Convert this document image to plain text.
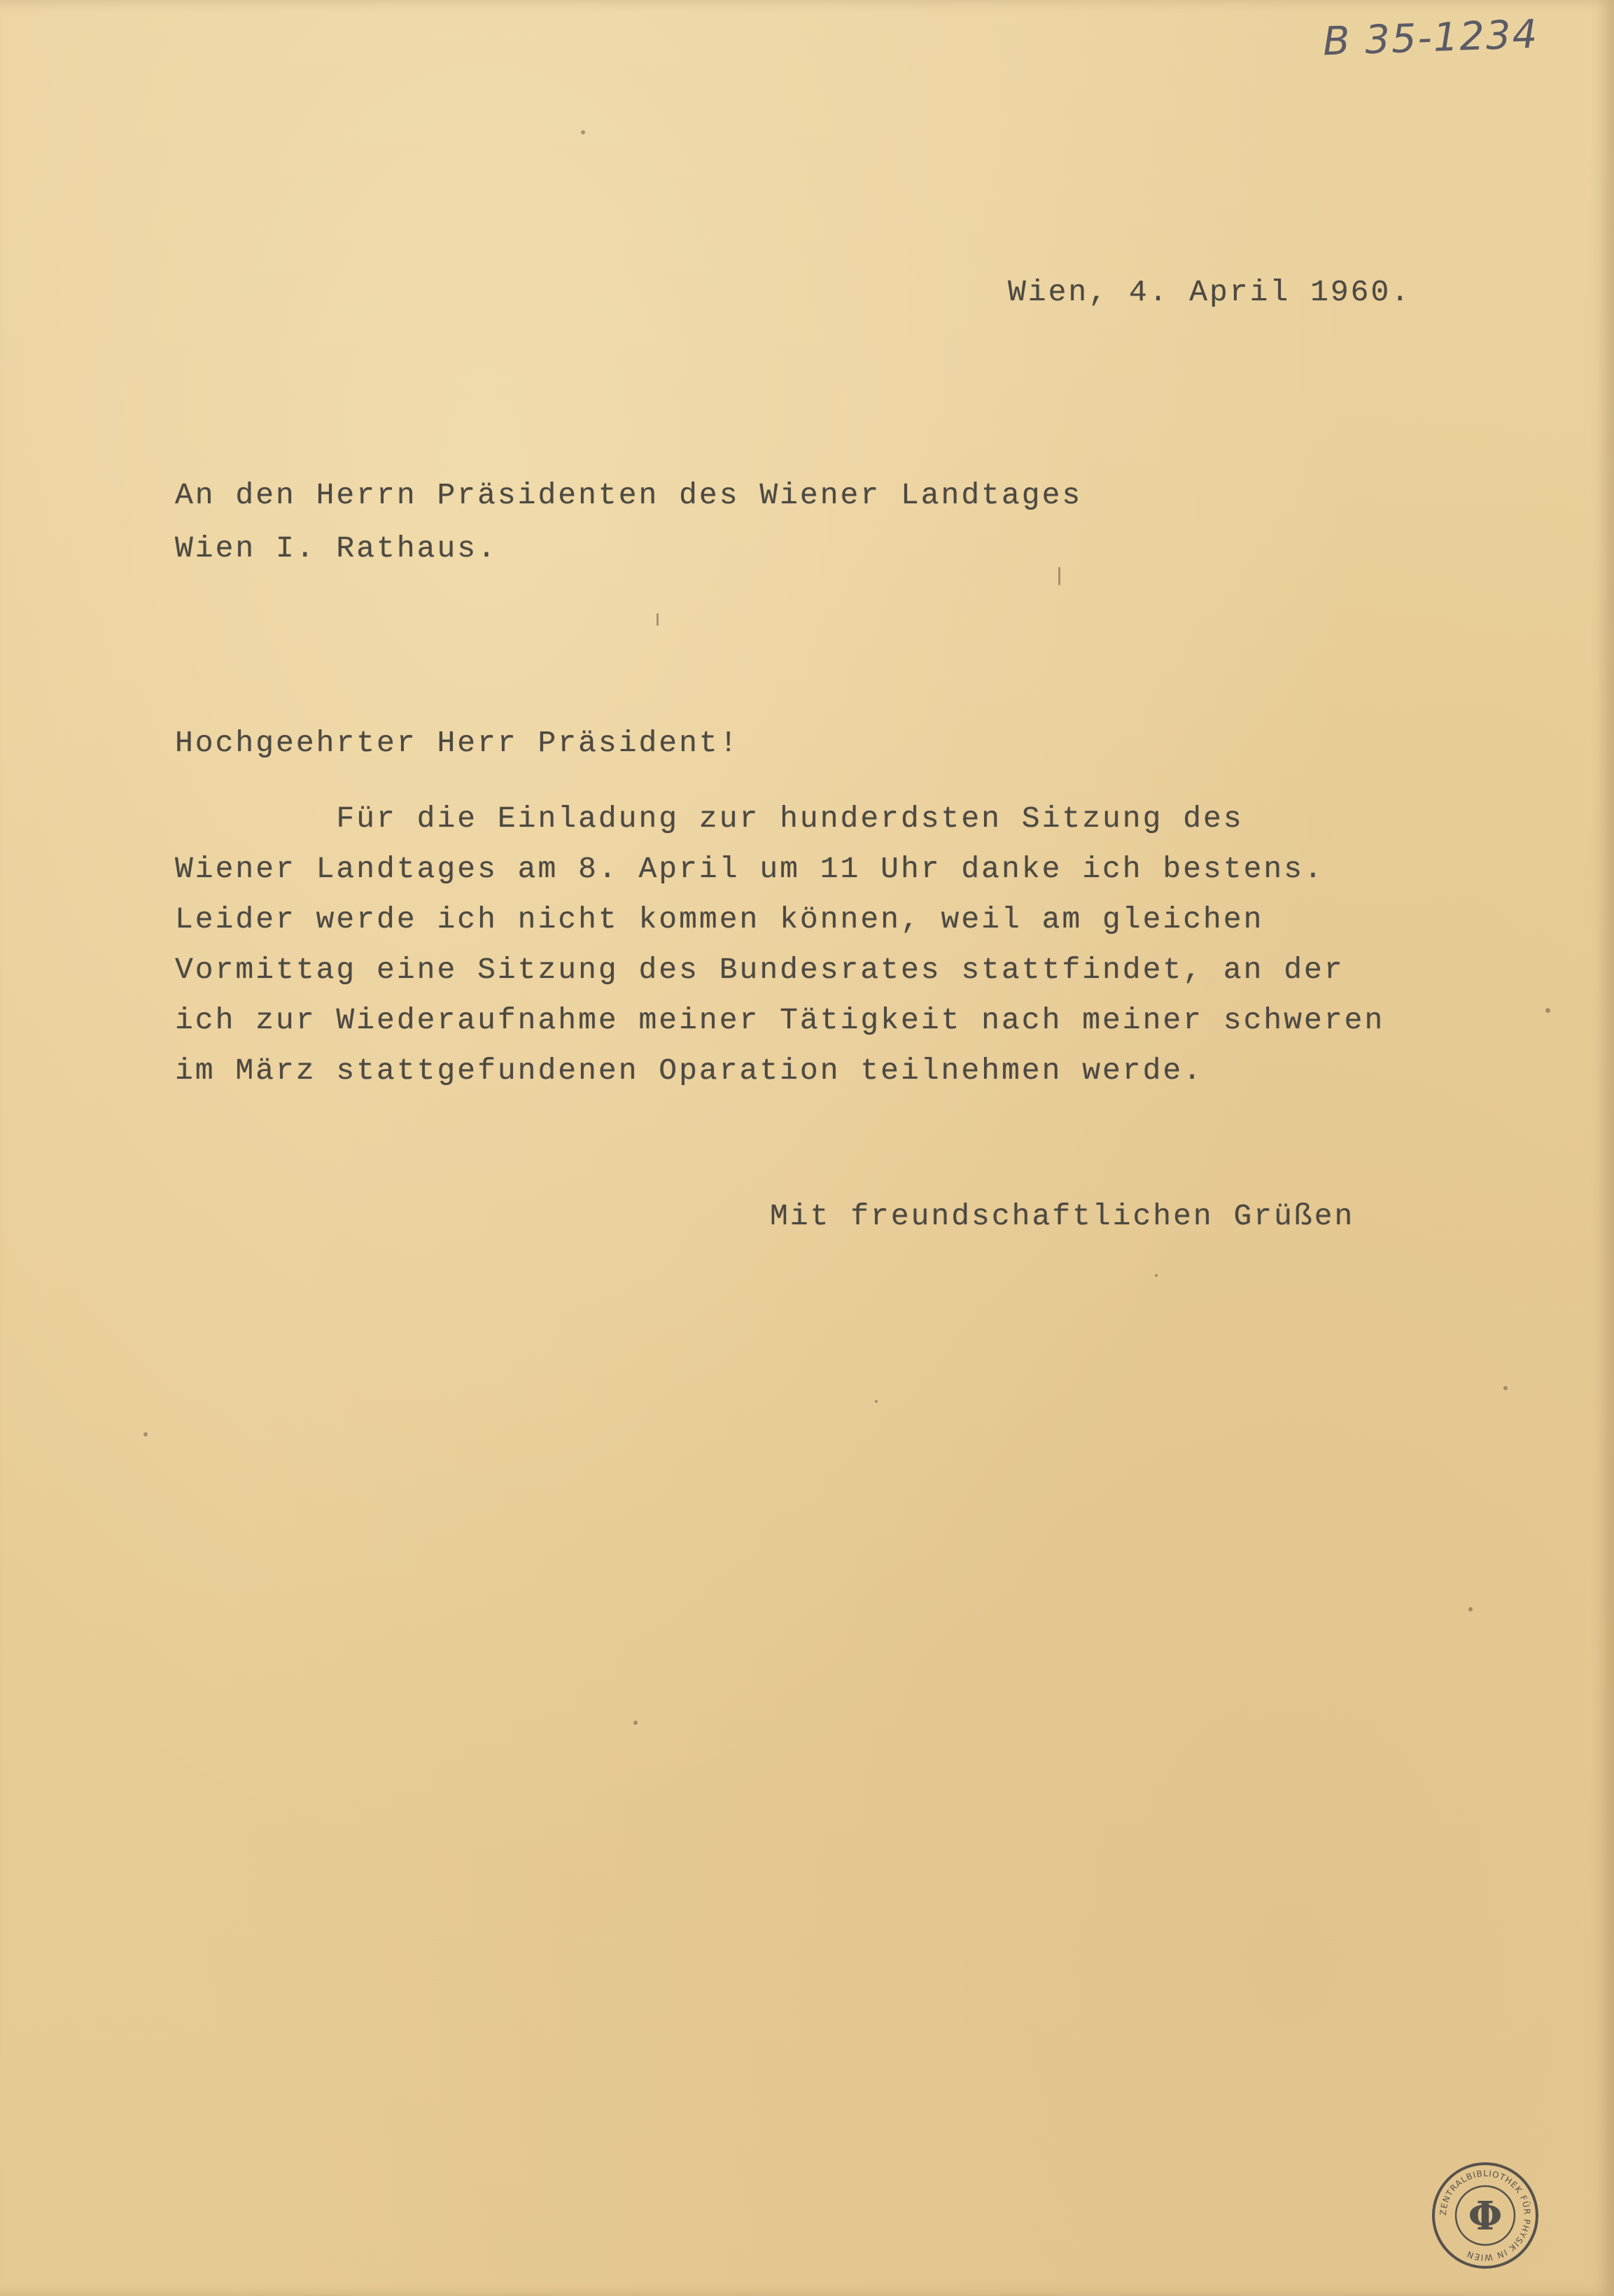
B 35-1234
Wien, 4. April 1960.
An den Herrn Präsidenten des Wiener Landtages
Wien I. Rathaus.
Hochgeehrter Herr Präsident!
Für die Einladung zur hunderdsten Sitzung des
Wiener Landtages am 8. April um 11 Uhr danke ich bestens.
Leider werde ich nicht kommen können, weil am gleichen
Vormittag eine Sitzung des Bundesrates stattfindet, an der
ich zur Wiederaufnahme meiner Tätigkeit nach meiner schweren
im März stattgefundenen Oparation teilnehmen werde.
Mit freundschaftlichen Grüßen
ZENTRALBIBLIOTHEK FÜR PHYSIK IN WIEN
Φ
